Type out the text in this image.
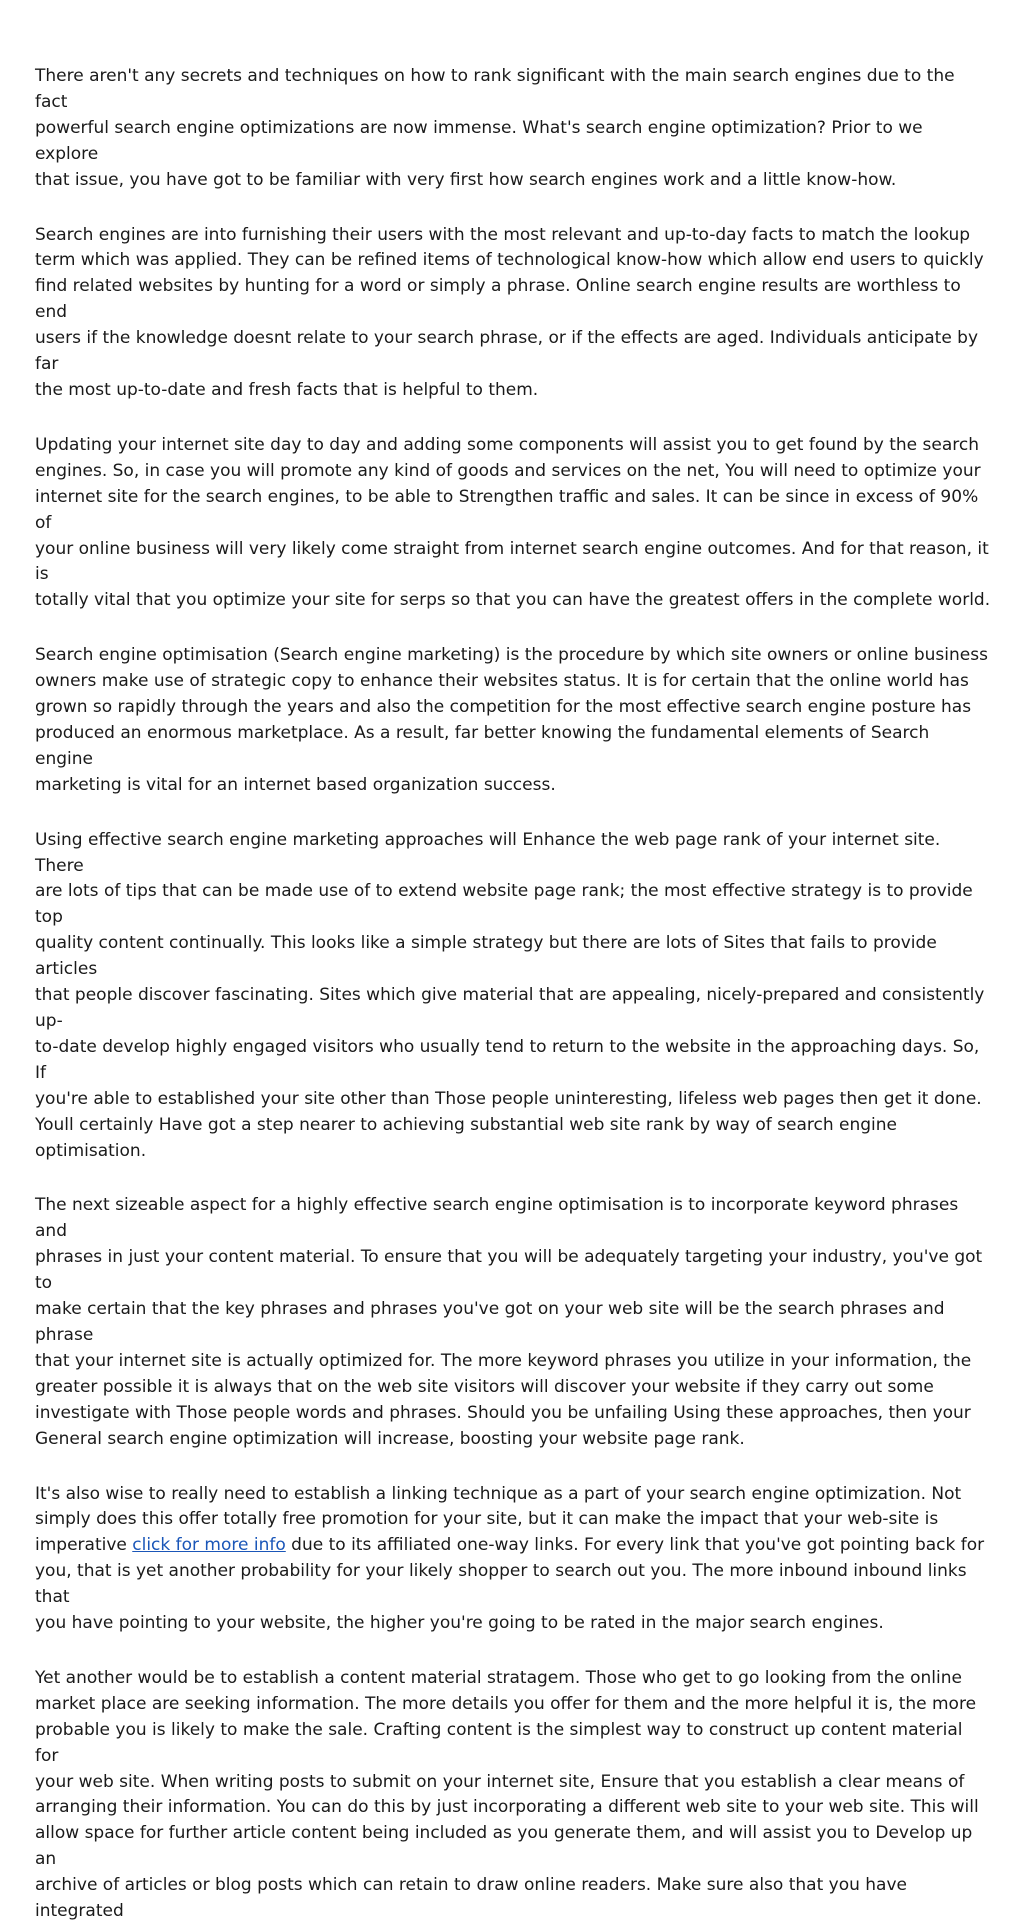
There aren't any secrets and techniques on how to rank significant with the main search engines due to the fact
powerful search engine optimizations are now immense. What's search engine optimization? Prior to we explore
that issue, you have got to be familiar with very first how search engines work and a little know-how.

Search engines are into furnishing their users with the most relevant and up-to-day facts to match the lookup
term which was applied. They can be refined items of technological know-how which allow end users to quickly
find related websites by hunting for a word or simply a phrase. Online search engine results are worthless to end
users if the knowledge doesnt relate to your search phrase, or if the effects are aged. Individuals anticipate by far
the most up-to-date and fresh facts that is helpful to them.

Updating your internet site day to day and adding some components will assist you to get found by the search
engines. So, in case you will promote any kind of goods and services on the net, You will need to optimize your
internet site for the search engines, to be able to Strengthen traffic and sales. It can be since in excess of 90% of
your online business will very likely come straight from internet search engine outcomes. And for that reason, it is
totally vital that you optimize your site for serps so that you can have the greatest offers in the complete world.

Search engine optimisation (Search engine marketing) is the procedure by which site owners or online business
owners make use of strategic copy to enhance their websites status. It is for certain that the online world has
grown so rapidly through the years and also the competition for the most effective search engine posture has
produced an enormous marketplace. As a result, far better knowing the fundamental elements of Search engine
marketing is vital for an internet based organization success.

Using effective search engine marketing approaches will Enhance the web page rank of your internet site. There
are lots of tips that can be made use of to extend website page rank; the most effective strategy is to provide top
quality content continually. This looks like a simple strategy but there are lots of Sites that fails to provide articles
that people discover fascinating. Sites which give material that are appealing, nicely-prepared and consistently up-
to-date develop highly engaged visitors who usually tend to return to the website in the approaching days. So, If
you're able to established your site other than Those people uninteresting, lifeless web pages then get it done.
Youll certainly Have got a step nearer to achieving substantial web site rank by way of search engine optimisation.

The next sizeable aspect for a highly effective search engine optimisation is to incorporate keyword phrases and
phrases in just your content material. To ensure that you will be adequately targeting your industry, you've got to
make certain that the key phrases and phrases you've got on your web site will be the search phrases and phrase
that your internet site is actually optimized for. The more keyword phrases you utilize in your information, the
greater possible it is always that on the web site visitors will discover your website if they carry out some
investigate with Those people words and phrases. Should you be unfailing Using these approaches, then your
General search engine optimization will increase, boosting your website page rank.

It's also wise to really need to establish a linking technique as a part of your search engine optimization. Not
simply does this offer totally free promotion for your site, but it can make the impact that your web-site is
imperative click for more info due to its affiliated one-way links. For every link that you've got pointing back for
you, that is yet another probability for your likely shopper to search out you. The more inbound inbound links that
you have pointing to your website, the higher you're going to be rated in the major search engines.

Yet another would be to establish a content material stratagem. Those who get to go looking from the online
market place are seeking information. The more details you offer for them and the more helpful it is, the more
probable you is likely to make the sale. Crafting content is the simplest way to construct up content material for
your web site. When writing posts to submit on your internet site, Ensure that you establish a clear means of
arranging their information. You can do this by just incorporating a different web site to your web site. This will
allow space for further article content being included as you generate them, and will assist you to Develop up an
archive of articles or blog posts which can retain to draw online readers. Make sure also that you have integrated
